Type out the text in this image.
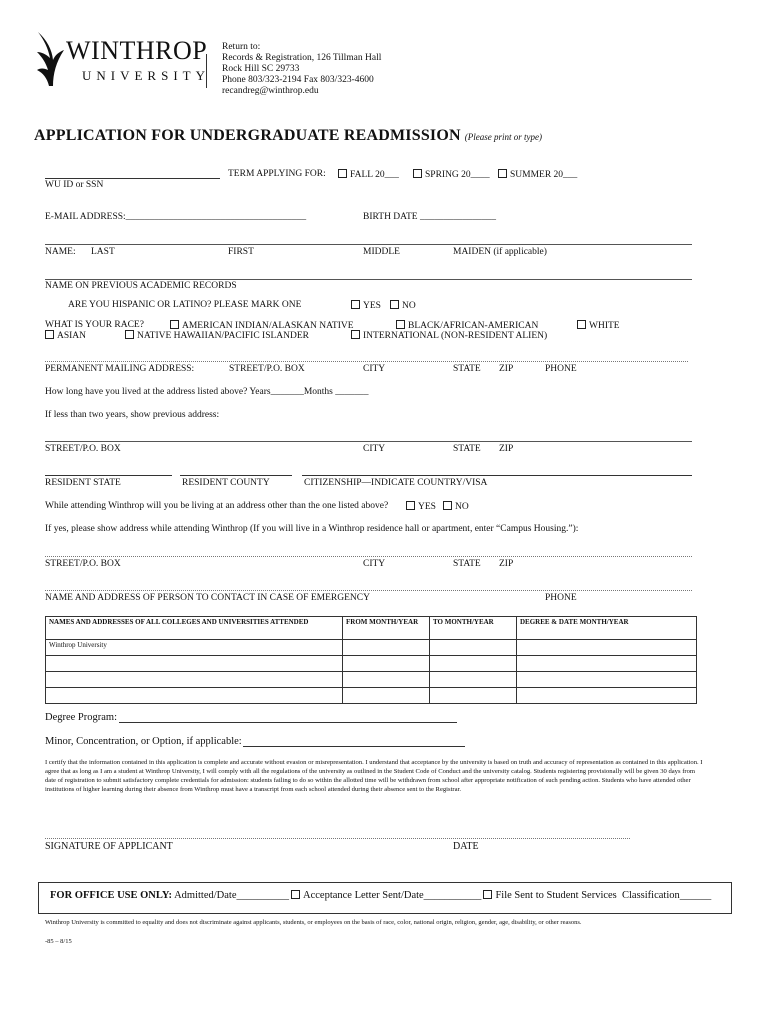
WINTHROP
UNIVERSITY
Return to:
Records & Registration, 126 Tillman Hall
Rock Hill SC 29733
Phone 803/323-2194 Fax 803/323-4600
recandreg@winthrop.edu
APPLICATION FOR UNDERGRADUATE READMISSION (Please print or type)
TERM APPLYING FOR:	FALL 20___	SPRING 20____	SUMMER 20___
WU ID or SSN
E-MAIL ADDRESS:______________________________________	BIRTH DATE ________________
NAME: LAST	FIRST	MIDDLE	MAIDEN (if applicable)
NAME ON PREVIOUS ACADEMIC RECORDS
ARE YOU HISPANIC OR LATINO? PLEASE MARK ONE	YES	NO
WHAT IS YOUR RACE?	AMERICAN INDIAN/ALASKAN NATIVE	BLACK/AFRICAN-AMERICAN	WHITE
ASIAN	NATIVE HAWAIIAN/PACIFIC ISLANDER	INTERNATIONAL (NON-RESIDENT ALIEN)
PERMANENT MAILING ADDRESS:	STREET/P.O. BOX	CITY	STATE ZIP	PHONE
How long have you lived at the address listed above? Years_______Months _______
If less than two years, show previous address:
STREET/P.O. BOX	CITY	STATE ZIP
RESIDENT STATE	RESIDENT COUNTY	CITIZENSHIP—INDICATE COUNTRY/VISA
While attending Winthrop will you be living at an address other than the one listed above?	YES	NO
If yes, please show address while attending Winthrop (If you will live in a Winthrop residence hall or apartment, enter “Campus Housing.”):
STREET/P.O. BOX	CITY	STATE ZIP
NAME AND ADDRESS OF PERSON TO CONTACT IN CASE OF EMERGENCY	PHONE
NAMES AND ADDRESSES OF ALL COLLEGES AND UNIVERSITIES ATTENDED	FROM MONTH/YEAR	TO MONTH/YEAR	DEGREE & DATE MONTH/YEAR
Winthrop University			

Degree Program:
Minor, Concentration, or Option, if applicable:
I certify that the information contained in this application is complete and accurate without evasion or misrepresentation. I understand that acceptance by the university is based on truth and accuracy of representation as contained in this application. I agree that as long as I am a student at Winthrop University, I will comply with all the regulations of the university as outlined in the Student Code of Conduct and the university catalog. Students registering provisionally will be given 30 days from date of registration to submit satisfactory complete credentials for admission: students failing to do so within the allotted time will be withdrawn from school after appropriate notification of such pending action. Students who have attended other institutions of higher learning during their absence from Winthrop must have a transcript from each school attended during their absence sent to the Registrar.
SIGNATURE OF APPLICANT	DATE
FOR OFFICE USE ONLY: Admitted/Date__________ Acceptance Letter Sent/Date___________ File Sent to Student Services Classification______
Winthrop University is committed to equality and does not discriminate against applicants, students, or employees on the basis of race, color, national origin, religion, gender, age, disability, or other reasons.
-85 – 8/15
